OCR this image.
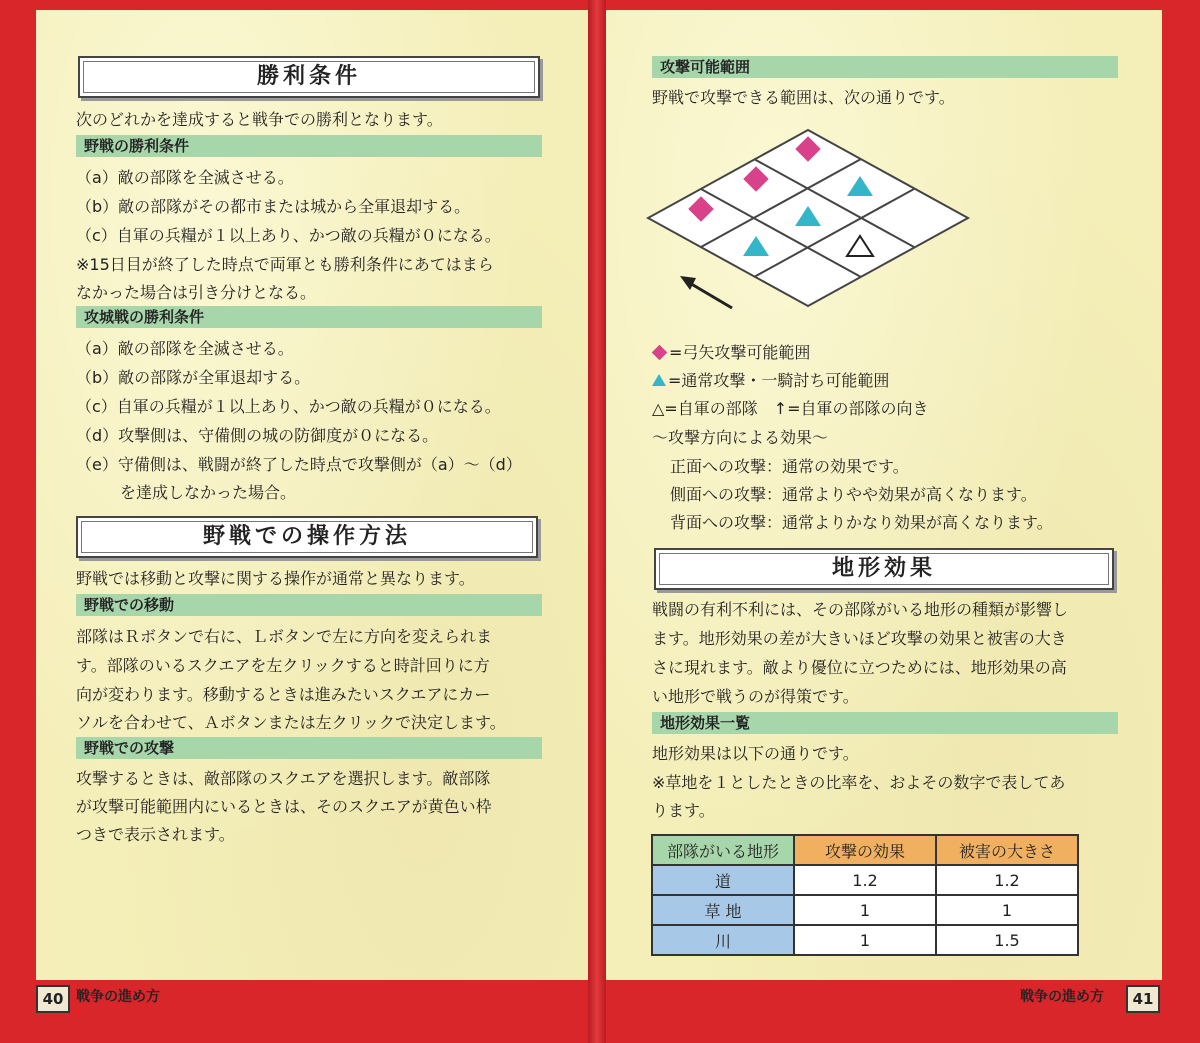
勝利条件
次のどれかを達成すると戦争での勝利となります。
野戦の勝利条件
（a）敵の部隊を全滅させる。
（b）敵の部隊がその都市または城から全軍退却する。
（c）自軍の兵糧が１以上あり、かつ敵の兵糧が０になる。
※15日目が終了した時点で両軍とも勝利条件にあてはまら
なかった場合は引き分けとなる。
攻城戦の勝利条件
（a）敵の部隊を全滅させる。
（b）敵の部隊が全軍退却する。
（c）自軍の兵糧が１以上あり、かつ敵の兵糧が０になる。
（d）攻撃側は、守備側の城の防御度が０になる。
（e）守備側は、戦闘が終了した時点で攻撃側が（a）〜（d）
を達成しなかった場合。
野戦での操作方法
野戦では移動と攻撃に関する操作が通常と異なります。
野戦での移動
部隊はＲボタンで右に、Ｌボタンで左に方向を変えられま
す。部隊のいるスクエアを左クリックすると時計回りに方
向が変わります。移動するときは進みたいスクエアにカー
ソルを合わせて、Ａボタンまたは左クリックで決定します。
野戦での攻撃
攻撃するときは、敵部隊のスクエアを選択します。敵部隊
が攻撃可能範囲内にいるときは、そのスクエアが黄色い枠
つきで表示されます。
40 戦争の進め方
攻撃可能範囲
野戦で攻撃できる範囲は、次の通りです。
=弓矢攻撃可能範囲
=通常攻撃・一騎討ち可能範囲
△=自軍の部隊　↑=自軍の部隊の向き
〜攻撃方向による効果〜
正面への攻撃：通常の効果です。
側面への攻撃：通常よりやや効果が高くなります。
背面への攻撃：通常よりかなり効果が高くなります。
地形効果
戦闘の有利不利には、その部隊がいる地形の種類が影響し
ます。地形効果の差が大きいほど攻撃の効果と被害の大き
さに現れます。敵より優位に立つためには、地形効果の高
い地形で戦うのが得策です。
地形効果一覧
地形効果は以下の通りです。
※草地を１としたときの比率を、およその数字で表してあ
ります。
部隊がいる地形	攻撃の効果	被害の大きさ
道	1.2	1.2
草 地	1	1
川	1	1.5
戦争の進め方	41
